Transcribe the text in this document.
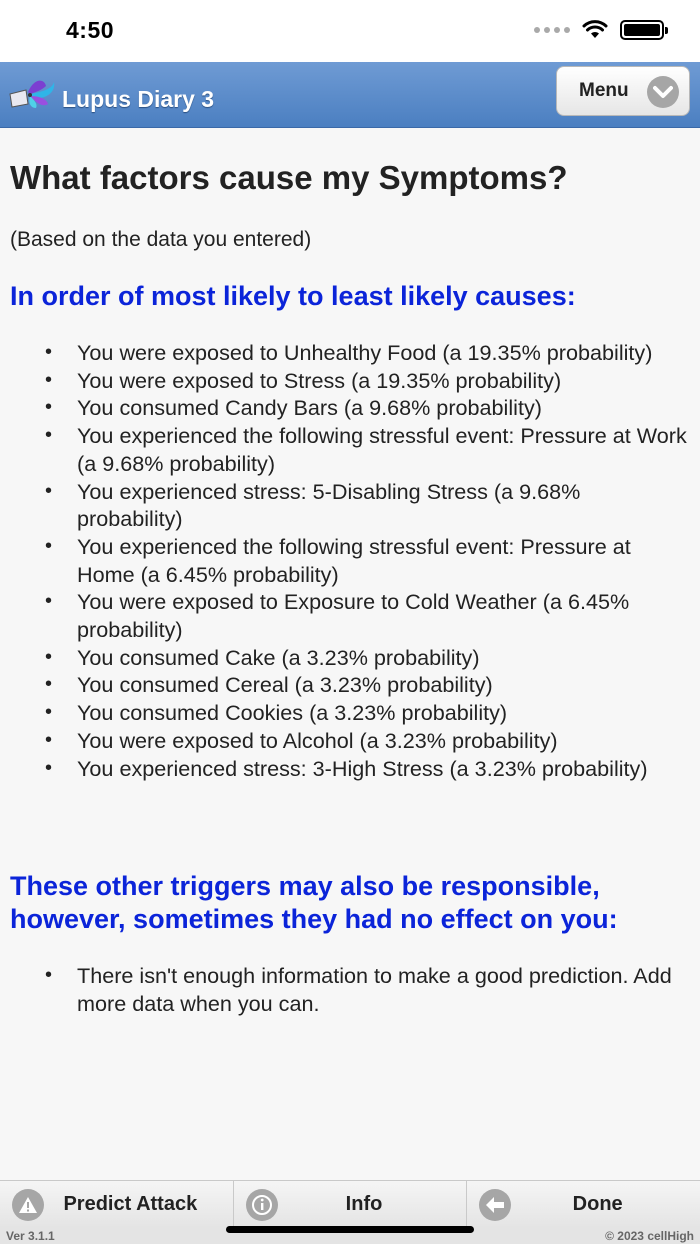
4:50
Lupus Diary 3	Menu
What factors cause my Symptoms?

(Based on the data you entered)

In order of most likely to least likely causes:
• You were exposed to Unhealthy Food (a 19.35% probability)
• You were exposed to Stress (a 19.35% probability)
• You consumed Candy Bars (a 9.68% probability)
• You experienced the following stressful event: Pressure at Work (a 9.68% probability)
• You experienced stress: 5-Disabling Stress (a 9.68% probability)
• You experienced the following stressful event: Pressure at Home (a 6.45% probability)
• You were exposed to Exposure to Cold Weather (a 6.45% probability)
• You consumed Cake (a 3.23% probability)
• You consumed Cereal (a 3.23% probability)
• You consumed Cookies (a 3.23% probability)
• You were exposed to Alcohol (a 3.23% probability)
• You experienced stress: 3-High Stress (a 3.23% probability)
These other triggers may also be responsible, however, sometimes they had no effect on you:
• There isn't enough information to make a good prediction. Add more data when you can.
Predict Attack	Info	Done
Ver 3.1.1	© 2023 cellHigh
